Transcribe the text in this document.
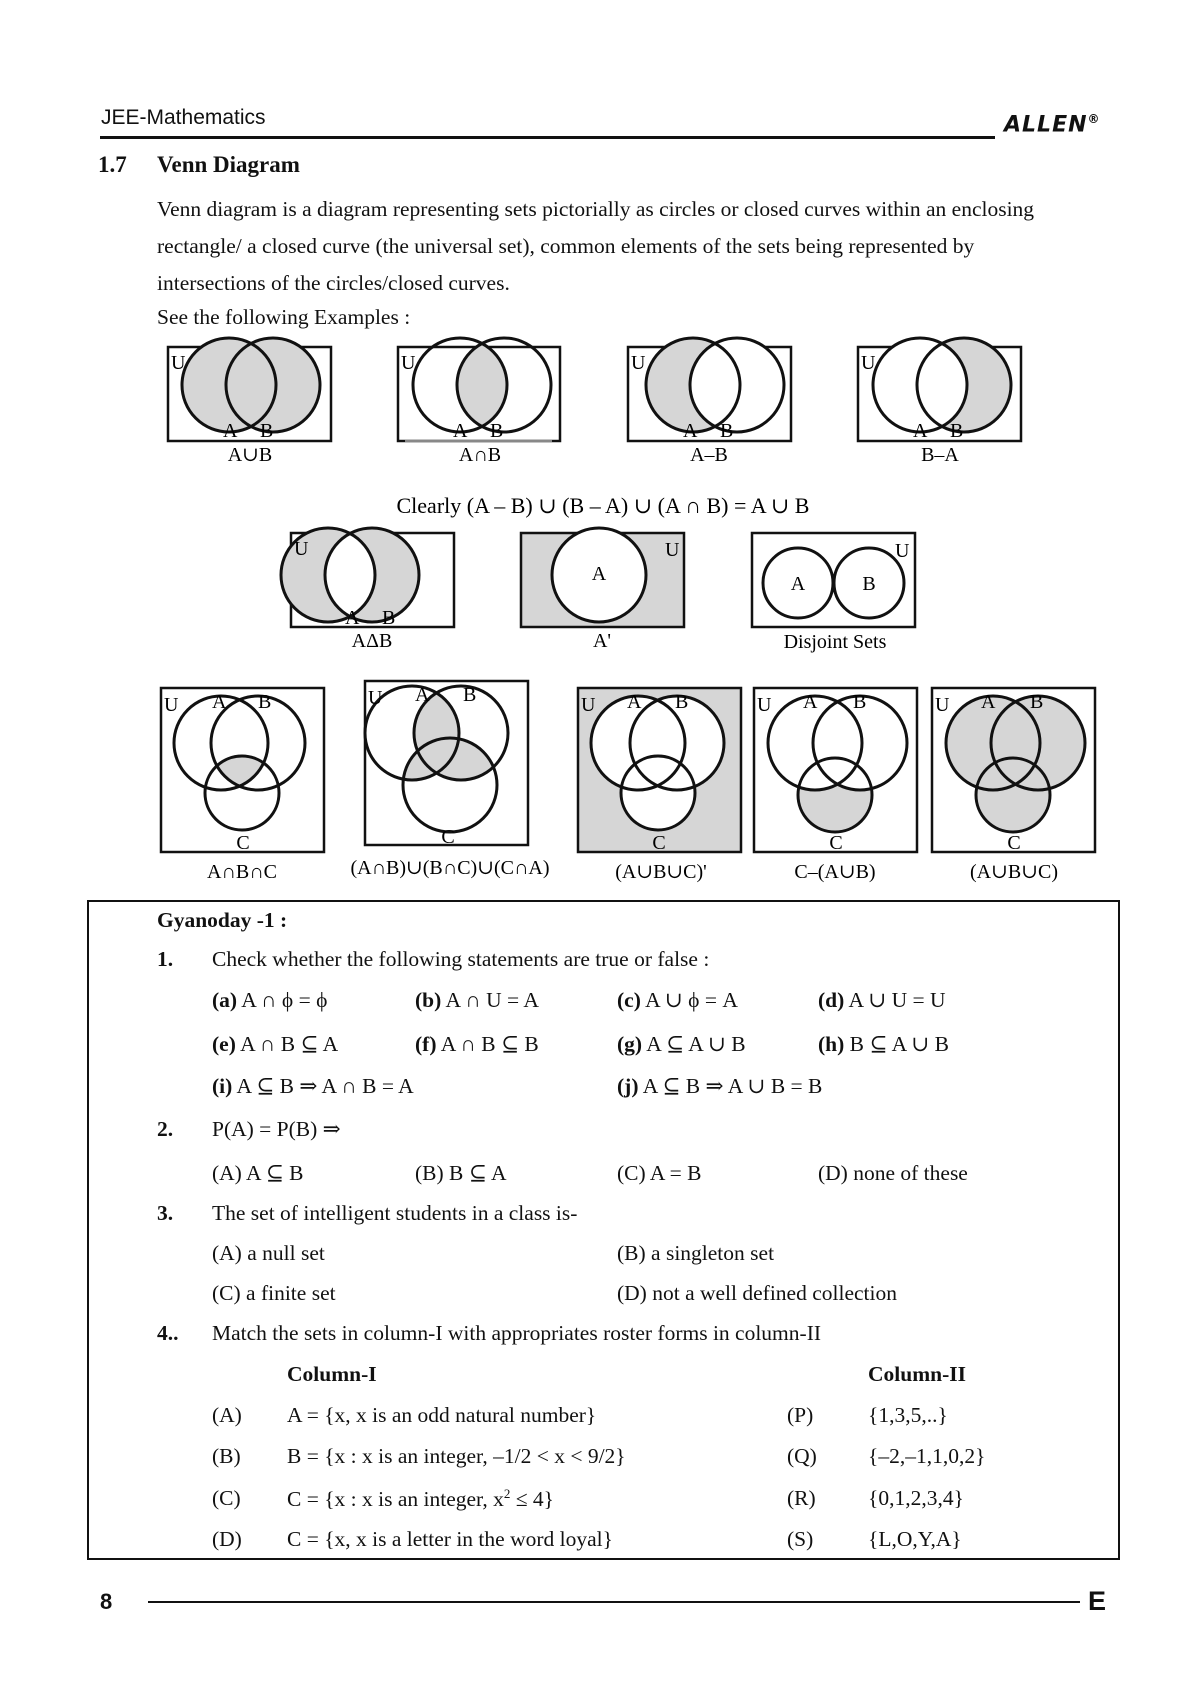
JEE-Mathematics	ALLEN®
1.7 Venn Diagram
Venn diagram is a diagram representing sets pictorially as circles or closed curves within an enclosing rectangle/ a closed curve (the universal set), common elements of the sets being represented by intersections of the circles/closed curves.
See the following Examples :
U
A B
A∪B
U
A B
A∩B
U
A B
A–B
U
A B
B–A
Clearly (A – B) ∪ (B – A) ∪ (A ∩ B) = A ∪ B
U
A B
AΔB
U
A
A'
U
A	B
Disjoint Sets
U A B
C
A∩B∩C
U A B
C
(A∩B)∪(B∩C)∪(C∩A)
U A B
C
(A∪B∪C)'
U A B
C
C–(A∪B)
U A B
C
(A∪B∪C)
Gyanoday -1 :
1. Check whether the following statements are true or false :
(a) A ∩ ϕ = ϕ	(b) A ∩ U = A	(c) A ∪ ϕ = A	(d) A ∪ U = U
(e) A ∩ B ⊆ A	(f) A ∩ B ⊆ B	(g) A ⊆ A ∪ B	(h) B ⊆ A ∪ B
(i) A ⊆ B ⇒ A ∩ B = A	(j) A ⊆ B ⇒ A ∪ B = B
2. P(A) = P(B) ⇒
(A) A ⊆ B	(B) B ⊆ A	(C) A = B	(D) none of these
3. The set of intelligent students in a class is-
(A) a null set	(B) a singleton set
(C) a finite set	(D) not a well defined collection
4.. Match the sets in column-I with appropriates roster forms in column-II
Column-I	Column-II
(A) A = {x, x is an odd natural number}	(P)	{1,3,5,..}
(B) B = {x : x is an integer, –1/2 < x < 9/2}	(Q) {–2,–1,1,0,2}
(C) C = {x : x is an integer, $x^2 \le 4$}	(R) {0,1,2,3,4}
(D) C = {x, x is a letter in the word loyal}	(S)	{L,O,Y,A}
8	E
